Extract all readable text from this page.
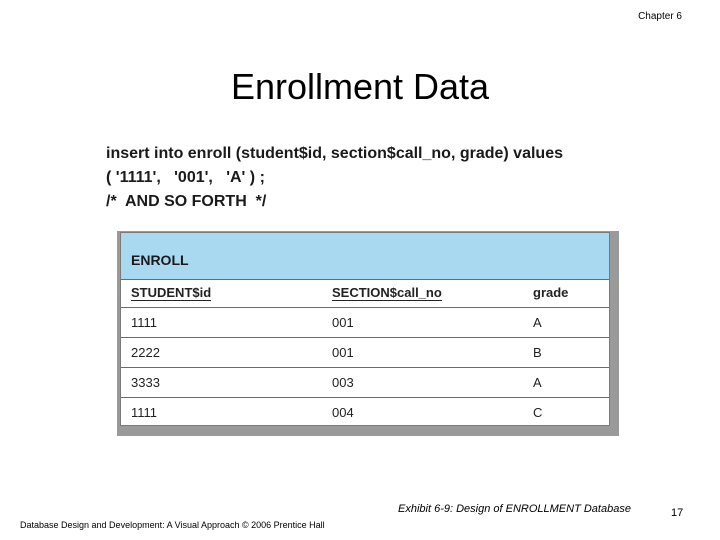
Chapter 6
Enrollment Data
insert into enroll (student$id, section$call_no, grade) values
( '1111',   '001',   'A' ) ;
/*  AND SO FORTH  */
ENROLL
STUDENT$id	SECTION$call_no	grade
1111	001	A
2222	001	B
3333	003	A
1111	004	C
Exhibit 6-9: Design of ENROLLMENT Database	17
Database Design and Development: A Visual Approach © 2006 Prentice Hall
